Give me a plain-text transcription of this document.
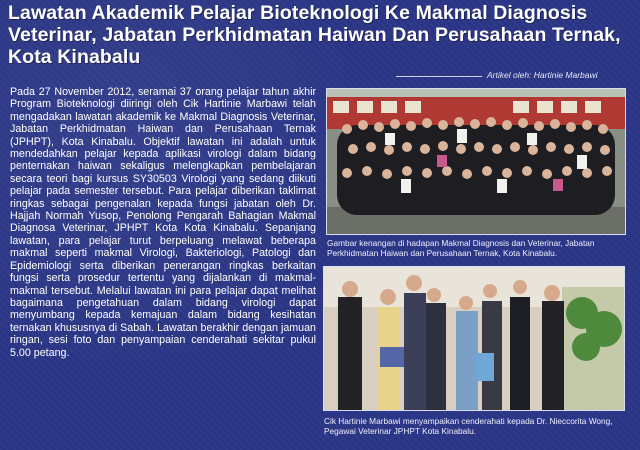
Lawatan Akademik Pelajar Bioteknologi Ke Makmal Diagnosis Veterinar, Jabatan Perkhidmatan Haiwan Dan Perusahaan Ternak, Kota Kinabalu
Artikel oleh: Hartinie Marbawi
Pada 27 November 2012, seramai 37 orang pelajar tahun akhir Program Bioteknologi diiringi oleh Cik Hartinie Marbawi telah mengadakan lawatan akademik ke Makmal Diagnosis Veterinar, Jabatan Perkhidmatan Haiwan dan Perusahaan Ternak (JPHPT), Kota Kinabalu. Objektif lawatan ini adalah untuk mendedahkan pelajar kepada aplikasi virologi dalam bidang penternakan haiwan sekaligus melengkapkan pembelajaran secara teori bagi kursus SY30503 Virologi yang sedang diikuti pelajar pada semester tersebut. Para pelajar diberikan taklimat ringkas sebagai pengenalan kepada fungsi jabatan oleh Dr. Hajjah Normah Yusop, Penolong Pengarah Bahagian Makmal Diagnosa Veterinar, JPHPT Kota Kota Kinabalu. Sepanjang lawatan, para pelajar turut berpeluang melawat beberapa makmal seperti makmal Virologi, Bakteriologi, Patologi dan Epidemiologi serta diberikan penerangan ringkas berkaitan fungsi serta prosedur tertentu yang dijalankan di makmal-makmal tersebut. Melalui lawatan ini para pelajar dapat melihat bagaimana pengetahuan dalam bidang virologi dapat menyumbang kepada kemajuan dalam bidang kesihatan ternakan khususnya di Sabah. Lawatan berakhir dengan jamuan ringan, sesi foto dan penyampaian cenderahati sekitar pukul 5.00 petang.
Gambar kenangan di hadapan Makmal Diagnosis dan Veterinar, Jabatan Perkhidmatan Haiwan dan Perusahaan Ternak, Kota Kinabalu.
Cik Hartinie Marbawi menyampaikan cenderahati kepada Dr. Nieccorita Wong, Pegawai Veterinar JPHPT Kota Kinabalu.
